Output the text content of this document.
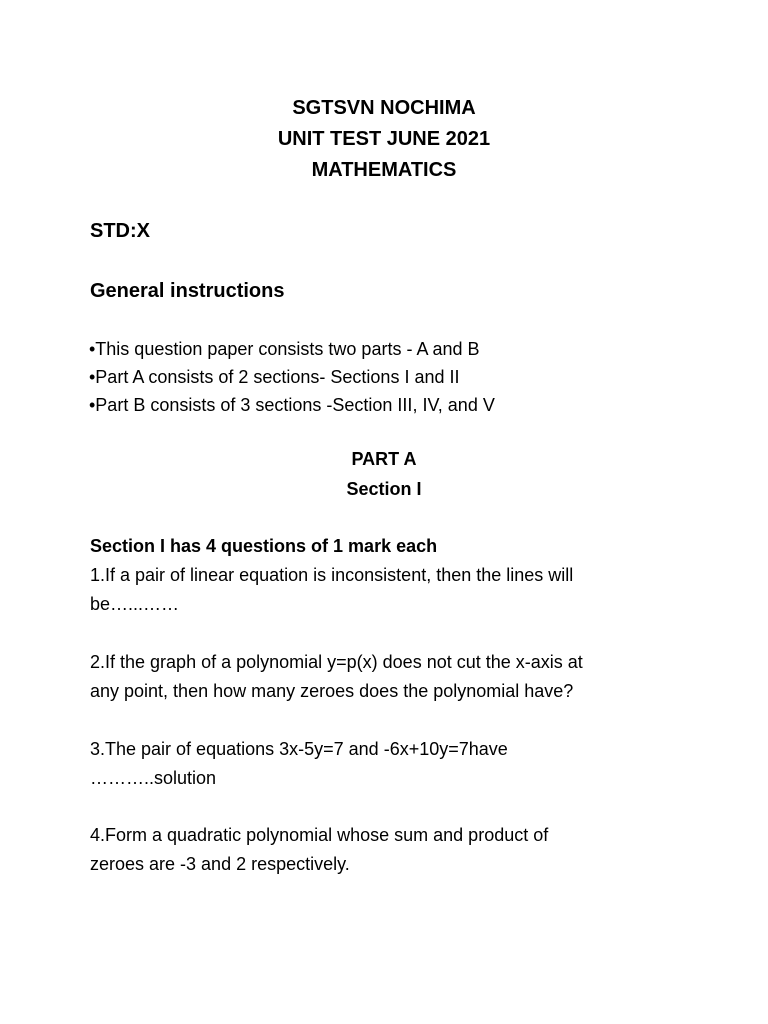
SGTSVN NOCHIMA
UNIT TEST JUNE 2021
MATHEMATICS
STD:X
General instructions
•This question paper consists two parts - A and B
•Part A consists of 2 sections- Sections I and II
•Part B consists of 3 sections -Section III, IV, and V
PART A
Section I
Section I has 4 questions of 1 mark each
1.If a pair of linear equation is inconsistent, then the lines will
be…...……
2.If the graph of a polynomial y=p(x) does not cut the x-axis at
any point, then how many zeroes does the polynomial have?
3.The pair of equations 3x-5y=7 and -6x+10y=7have
………..solution
4.Form a quadratic polynomial whose sum and product of
zeroes are -3 and 2 respectively.
